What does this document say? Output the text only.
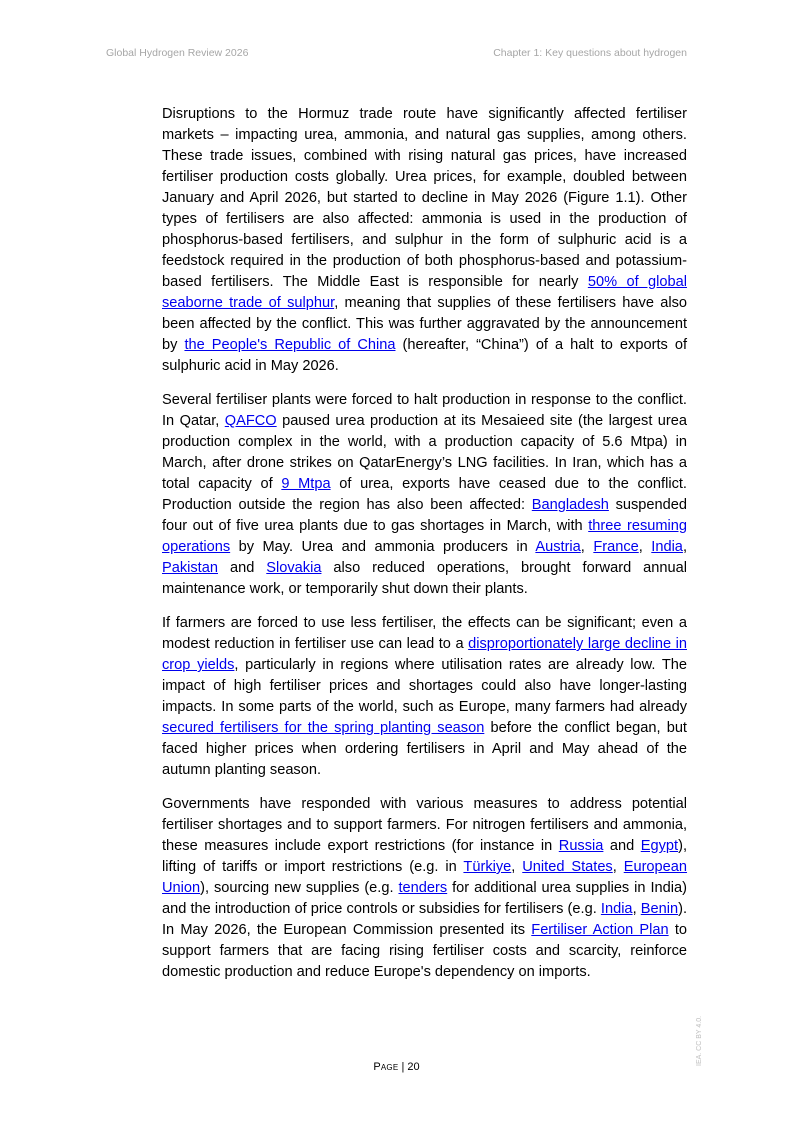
Global Hydrogen Review 2026	Chapter 1: Key questions about hydrogen

Disruptions to the Hormuz trade route have significantly affected fertiliser markets – impacting urea, ammonia, and natural gas supplies, among others. These trade issues, combined with rising natural gas prices, have increased fertiliser production costs globally. Urea prices, for example, doubled between January and April 2026, but started to decline in May 2026 (Figure 1.1). Other types of fertilisers are also affected: ammonia is used in the production of phosphorus-based fertilisers, and sulphur in the form of sulphuric acid is a feedstock required in the production of both phosphorus-based and potassium-based fertilisers. The Middle East is responsible for nearly 50% of global seaborne trade of sulphur, meaning that supplies of these fertilisers have also been affected by the conflict. This was further aggravated by the announcement by the People's Republic of China (hereafter, “China”) of a halt to exports of sulphuric acid in May 2026.

Several fertiliser plants were forced to halt production in response to the conflict. In Qatar, QAFCO paused urea production at its Mesaieed site (the largest urea production complex in the world, with a production capacity of 5.6 Mtpa) in March, after drone strikes on QatarEnergy’s LNG facilities. In Iran, which has a total capacity of 9 Mtpa of urea, exports have ceased due to the conflict. Production outside the region has also been affected: Bangladesh suspended four out of five urea plants due to gas shortages in March, with three resuming operations by May. Urea and ammonia producers in Austria, France, India, Pakistan and Slovakia also reduced operations, brought forward annual maintenance work, or temporarily shut down their plants.

If farmers are forced to use less fertiliser, the effects can be significant; even a modest reduction in fertiliser use can lead to a disproportionately large decline in crop yields, particularly in regions where utilisation rates are already low. The impact of high fertiliser prices and shortages could also have longer-lasting impacts. In some parts of the world, such as Europe, many farmers had already secured fertilisers for the spring planting season before the conflict began, but faced higher prices when ordering fertilisers in April and May ahead of the autumn planting season.

Governments have responded with various measures to address potential fertiliser shortages and to support farmers. For nitrogen fertilisers and ammonia, these measures include export restrictions (for instance in Russia and Egypt), lifting of tariffs or import restrictions (e.g. in Türkiye, United States, European Union), sourcing new supplies (e.g. tenders for additional urea supplies in India) and the introduction of price controls or subsidies for fertilisers (e.g. India, Benin). In May 2026, the European Commission presented its Fertiliser Action Plan to support farmers that are facing rising fertiliser costs and scarcity, reinforce domestic production and reduce Europe's dependency on imports.

Page | 20
IEA. CC BY 4.0.
